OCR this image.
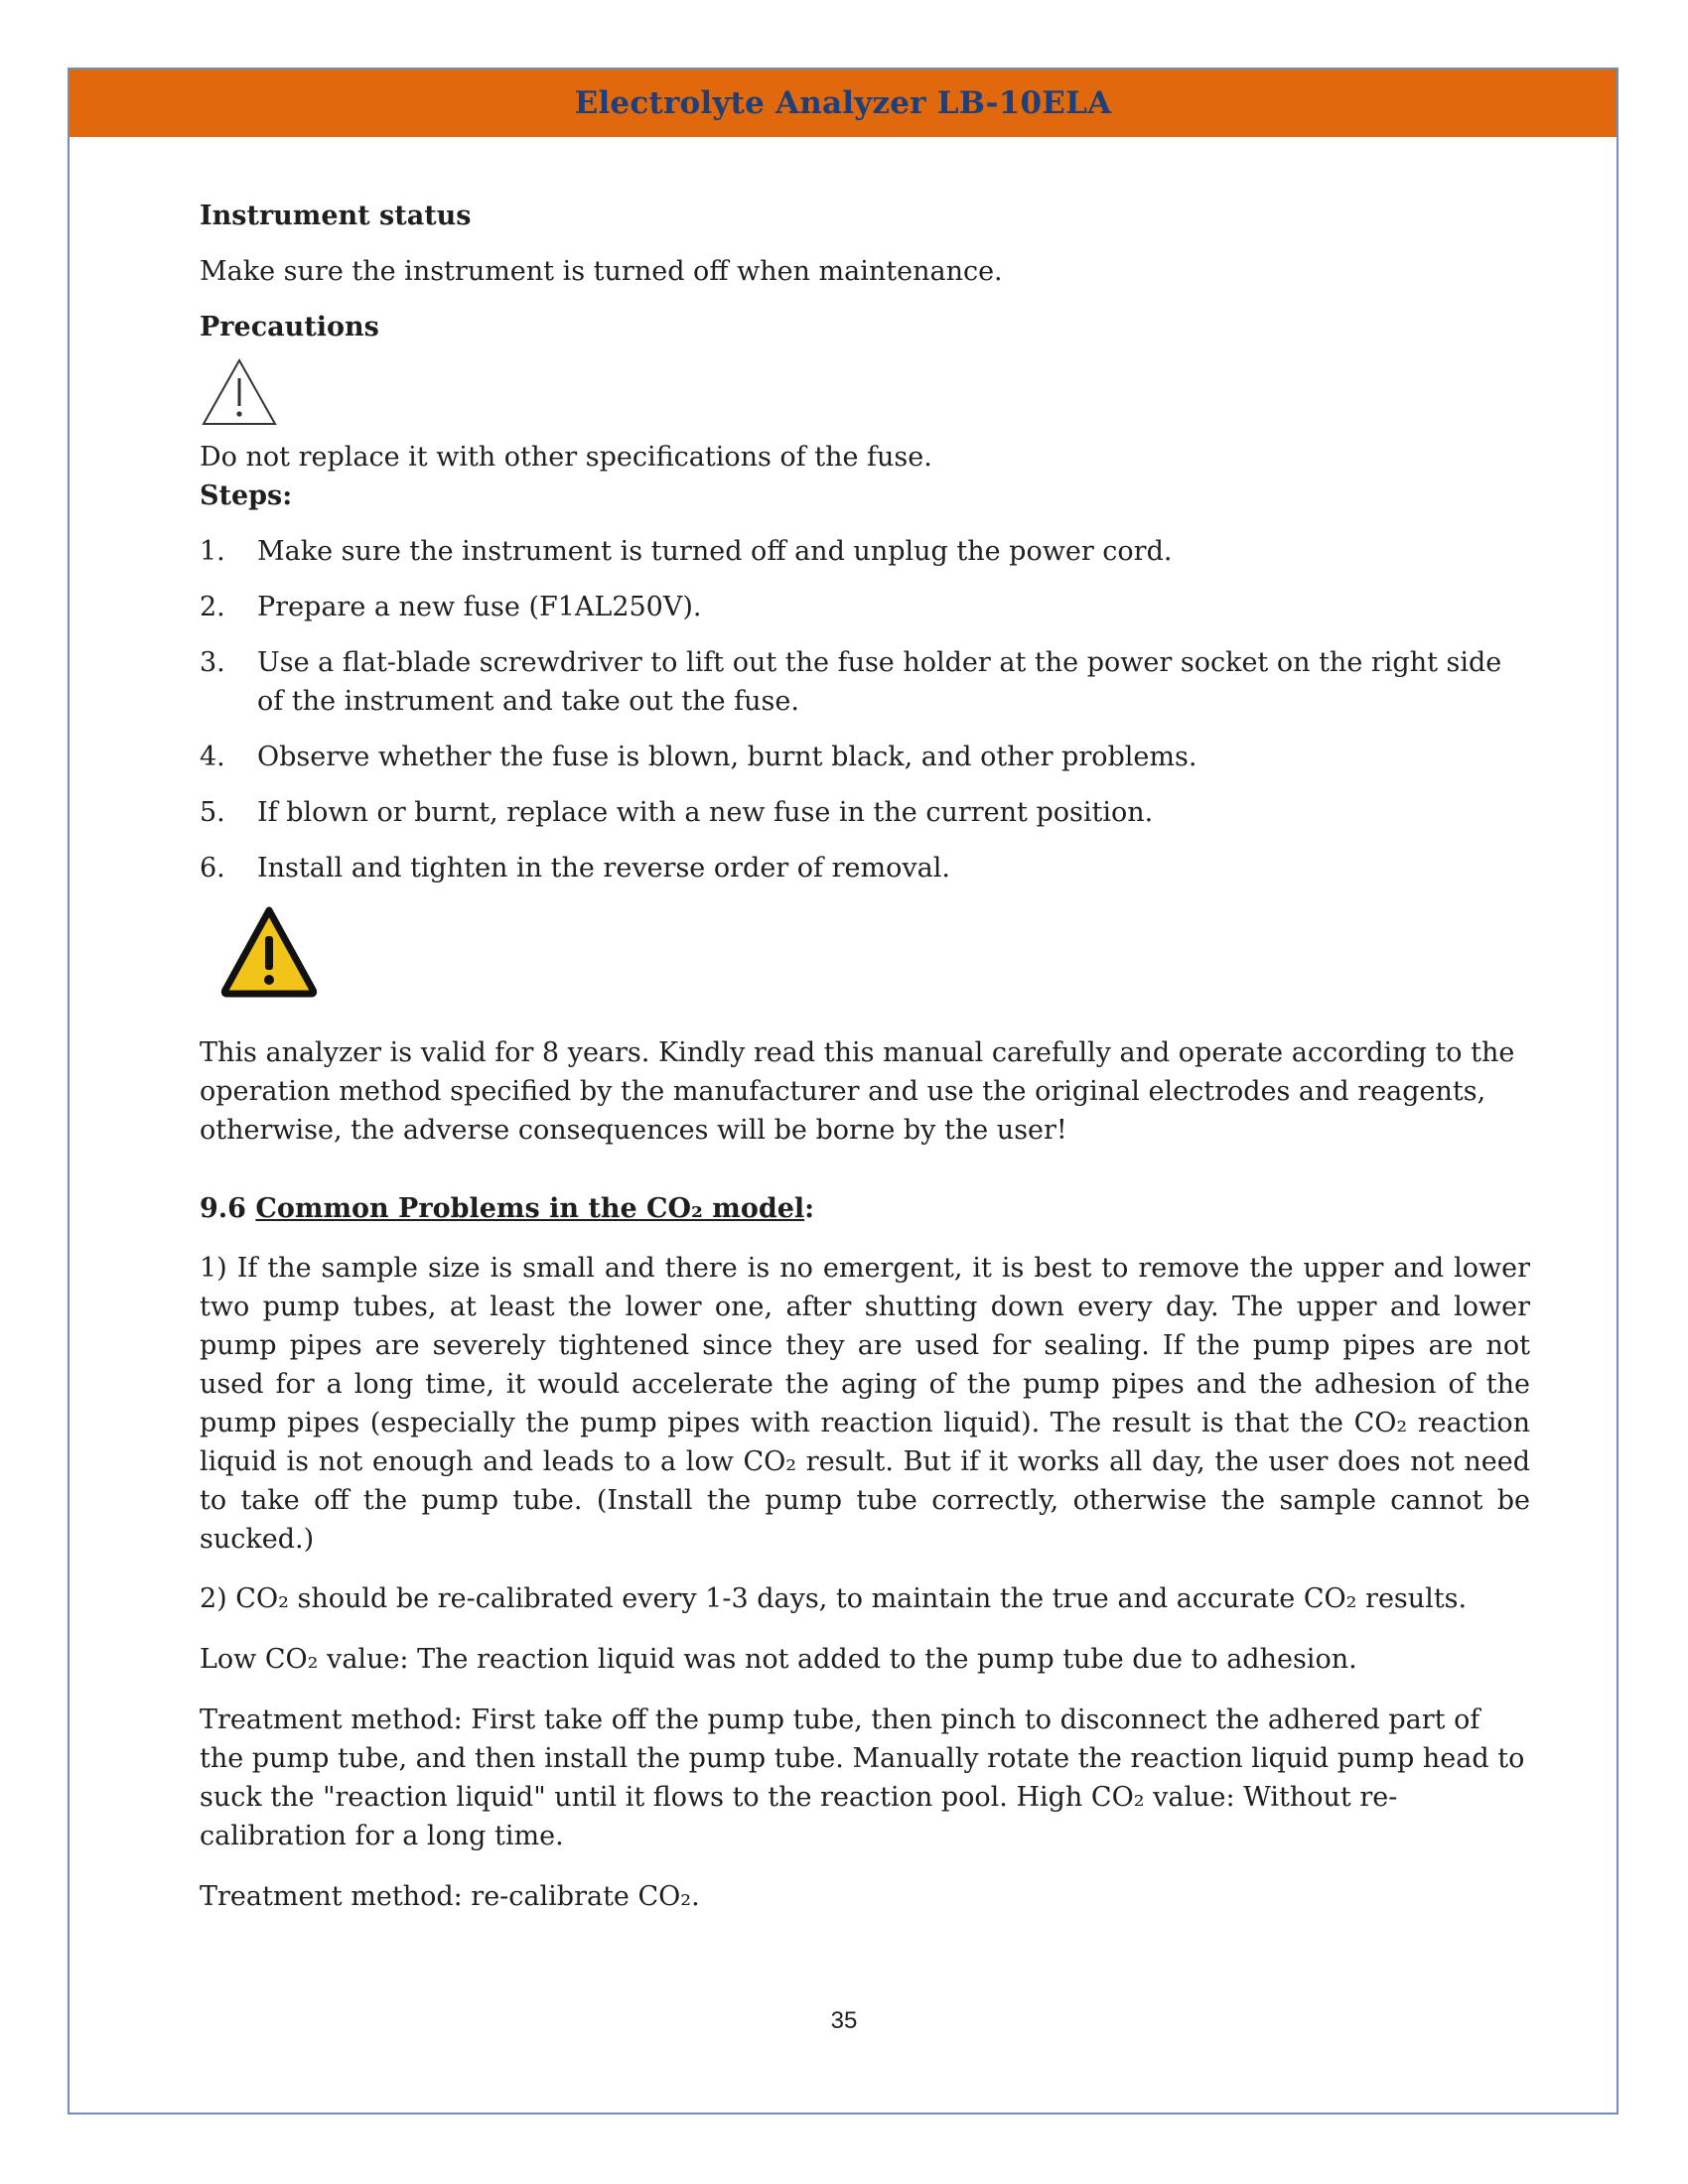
Electrolyte Analyzer LB-10ELA

Instrument status

Make sure the instrument is turned off when maintenance.

Precautions

Do not replace it with other specifications of the fuse.

Steps:

1.	Make sure the instrument is turned off and unplug the power cord.
2.	Prepare a new fuse (F1AL250V).
3.	Use a flat-blade screwdriver to lift out the fuse holder at the power socket on the right side of the instrument and take out the fuse.
4.	Observe whether the fuse is blown, burnt black, and other problems.
5.	If blown or burnt, replace with a new fuse in the current position.
6.	Install and tighten in the reverse order of removal.

This analyzer is valid for 8 years. Kindly read this manual carefully and operate according to the operation method specified by the manufacturer and use the original electrodes and reagents, otherwise, the adverse consequences will be borne by the user!

9.6 Common Problems in the CO₂ model:

1) If the sample size is small and there is no emergent, it is best to remove the upper and lower two pump tubes, at least the lower one, after shutting down every day. The upper and lower pump pipes are severely tightened since they are used for sealing. If the pump pipes are not used for a long time, it would accelerate the aging of the pump pipes and the adhesion of the pump pipes (especially the pump pipes with reaction liquid). The result is that the CO₂ reaction liquid is not enough and leads to a low CO₂ result. But if it works all day, the user does not need to take off the pump tube. (Install the pump tube correctly, otherwise the sample cannot be sucked.)

2) CO₂ should be re-calibrated every 1-3 days, to maintain the true and accurate CO₂ results.

Low CO₂ value: The reaction liquid was not added to the pump tube due to adhesion.

Treatment method: First take off the pump tube, then pinch to disconnect the adhered part of the pump tube, and then install the pump tube. Manually rotate the reaction liquid pump head to suck the "reaction liquid" until it flows to the reaction pool. High CO₂ value: Without re-calibration for a long time.

Treatment method: re-calibrate CO₂.

35
